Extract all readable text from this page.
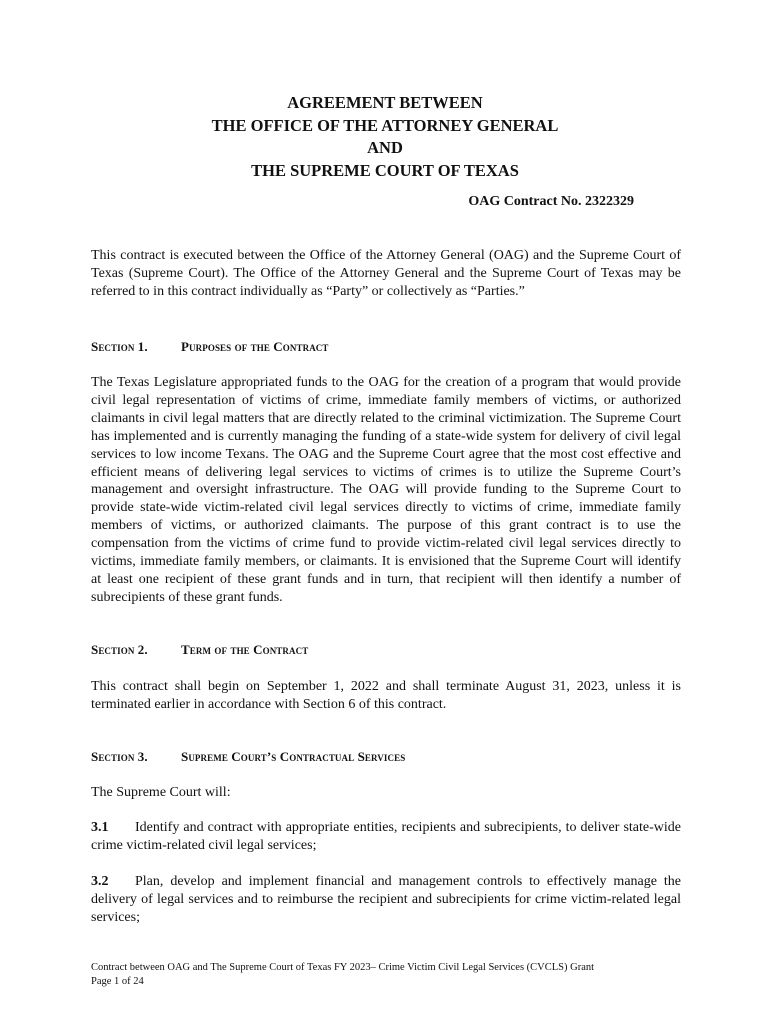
AGREEMENT BETWEEN
THE OFFICE OF THE ATTORNEY GENERAL
AND
THE SUPREME COURT OF TEXAS
OAG Contract No. 2322329

This contract is executed between the Office of the Attorney General (OAG) and the Supreme Court of Texas (Supreme Court). The Office of the Attorney General and the Supreme Court of Texas may be referred to in this contract individually as “Party” or collectively as “Parties.”

Section 1.	Purposes of the Contract

The Texas Legislature appropriated funds to the OAG for the creation of a program that would provide civil legal representation of victims of crime, immediate family members of victims, or authorized claimants in civil legal matters that are directly related to the criminal victimization. The Supreme Court has implemented and is currently managing the funding of a state-wide system for delivery of civil legal services to low income Texans. The OAG and the Supreme Court agree that the most cost effective and efficient means of delivering legal services to victims of crimes is to utilize the Supreme Court’s management and oversight infrastructure. The OAG will provide funding to the Supreme Court to provide state-wide victim-related civil legal services directly to victims of crime, immediate family members of victims, or authorized claimants. The purpose of this grant contract is to use the compensation from the victims of crime fund to provide victim-related civil legal services directly to victims, immediate family members, or claimants. It is envisioned that the Supreme Court will identify at least one recipient of these grant funds and in turn, that recipient will then identify a number of subrecipients of these grant funds.

Section 2.	Term of the Contract

This contract shall begin on September 1, 2022 and shall terminate August 31, 2023, unless it is terminated earlier in accordance with Section 6 of this contract.

Section 3.	Supreme Court’s Contractual Services

The Supreme Court will:

3.1 Identify and contract with appropriate entities, recipients and subrecipients, to deliver state-wide crime victim-related civil legal services;

3.2 Plan, develop and implement financial and management controls to effectively manage the delivery of legal services and to reimburse the recipient and subrecipients for crime victim-related legal services;

Contract between OAG and The Supreme Court of Texas FY 2023– Crime Victim Civil Legal Services (CVCLS) Grant
Page 1 of 24
